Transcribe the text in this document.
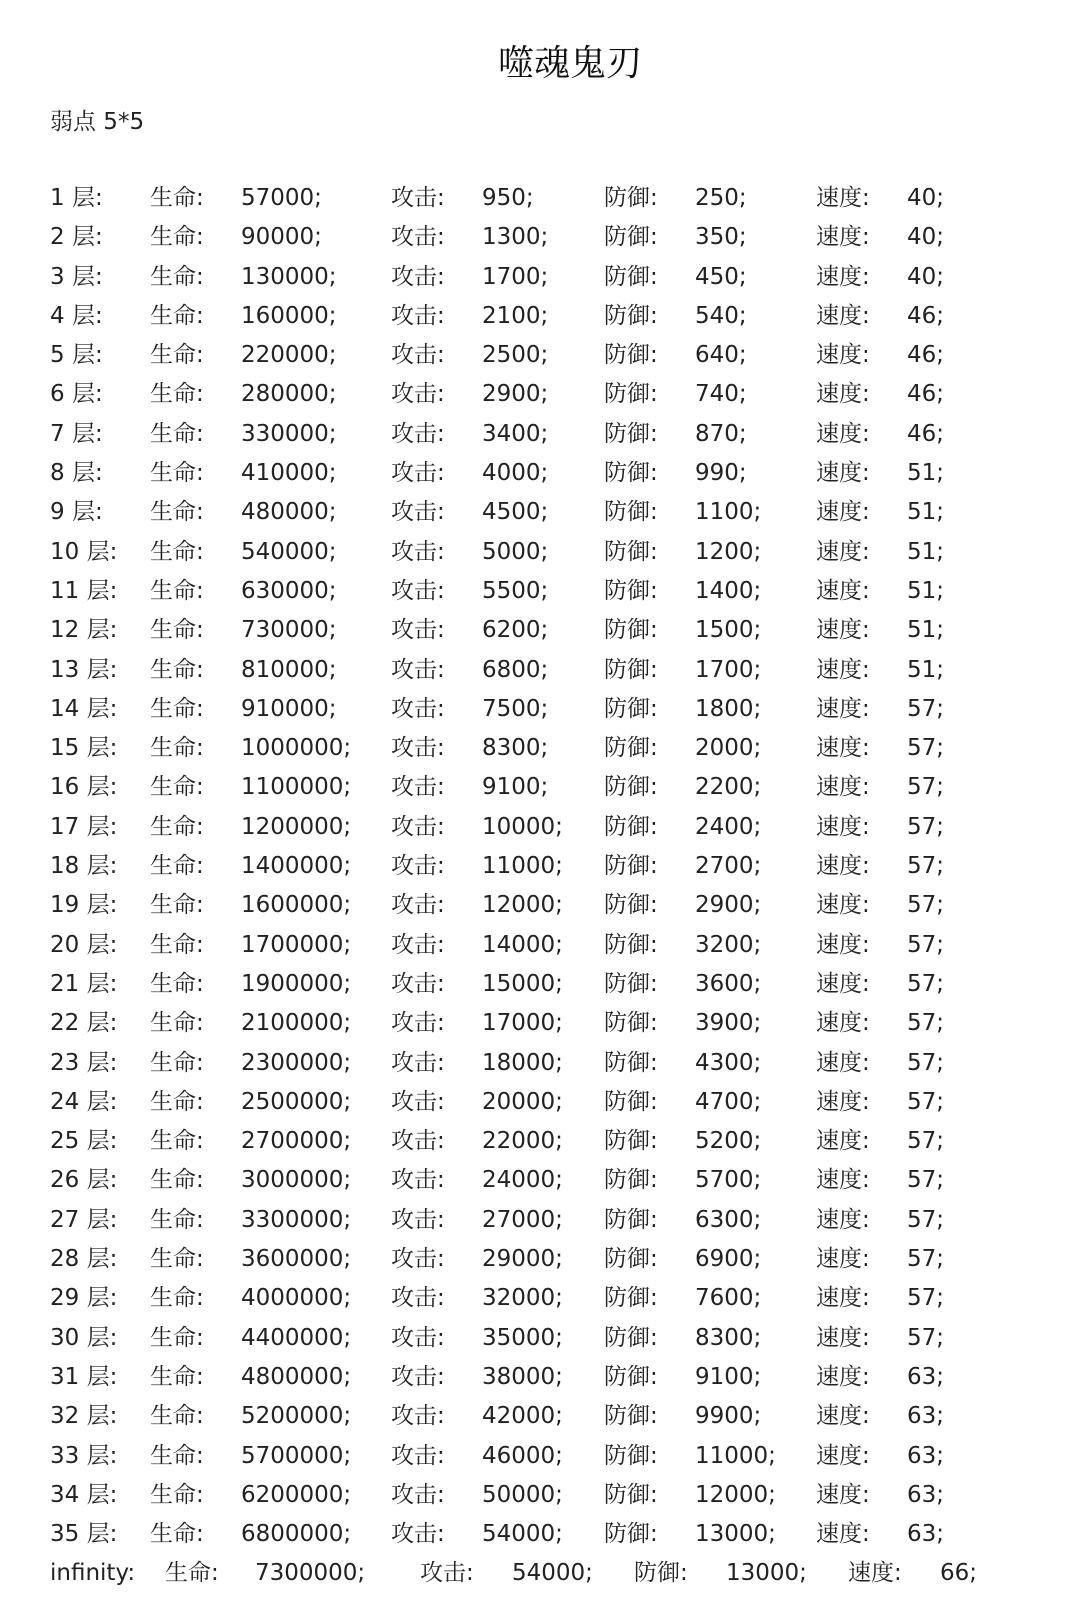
噬魂鬼刃
弱点 5*5
1 层: 生命: 57000;	攻击: 950;	防御: 250;	速度: 40;
2 层: 生命: 90000;	攻击: 1300; 防御: 350;	速度: 40;
3 层: 生命: 130000; 攻击: 1700; 防御: 450;	速度: 40;
4 层: 生命: 160000; 攻击: 2100; 防御: 540;	速度: 46;
5 层: 生命: 220000; 攻击: 2500; 防御: 640;	速度: 46;
6 层: 生命: 280000; 攻击: 2900; 防御: 740;	速度: 46;
7 层: 生命: 330000; 攻击: 3400; 防御: 870;	速度: 46;
8 层: 生命: 410000; 攻击: 4000; 防御: 990;	速度: 51;
9 层: 生命: 480000; 攻击: 4500; 防御: 1100; 速度: 51;
10 层: 生命: 540000; 攻击: 5000; 防御: 1200; 速度: 51;
11 层: 生命: 630000; 攻击: 5500; 防御: 1400; 速度: 51;
12 层: 生命: 730000; 攻击: 6200; 防御: 1500; 速度: 51;
13 层: 生命: 810000; 攻击: 6800; 防御: 1700; 速度: 51;
14 层: 生命: 910000; 攻击: 7500; 防御: 1800; 速度: 57;
15 层: 生命: 1000000; 攻击: 8300; 防御: 2000; 速度: 57;
16 层: 生命: 1100000; 攻击: 9100; 防御: 2200; 速度: 57;
17 层: 生命: 1200000; 攻击: 10000; 防御: 2400; 速度: 57;
18 层: 生命: 1400000; 攻击: 11000; 防御: 2700; 速度: 57;
19 层: 生命: 1600000; 攻击: 12000; 防御: 2900; 速度: 57;
20 层: 生命: 1700000; 攻击: 14000; 防御: 3200; 速度: 57;
21 层: 生命: 1900000; 攻击: 15000; 防御: 3600; 速度: 57;
22 层: 生命: 2100000; 攻击: 17000; 防御: 3900; 速度: 57;
23 层: 生命: 2300000; 攻击: 18000; 防御: 4300; 速度: 57;
24 层: 生命: 2500000; 攻击: 20000; 防御: 4700; 速度: 57;
25 层: 生命: 2700000; 攻击: 22000; 防御: 5200; 速度: 57;
26 层: 生命: 3000000; 攻击: 24000; 防御: 5700; 速度: 57;
27 层: 生命: 3300000; 攻击: 27000; 防御: 6300; 速度: 57;
28 层: 生命: 3600000; 攻击: 29000; 防御: 6900; 速度: 57;
29 层: 生命: 4000000; 攻击: 32000; 防御: 7600; 速度: 57;
30 层: 生命: 4400000; 攻击: 35000; 防御: 8300; 速度: 57;
31 层: 生命: 4800000; 攻击: 38000; 防御: 9100; 速度: 63;
32 层: 生命: 5200000; 攻击: 42000; 防御: 9900; 速度: 63;
33 层: 生命: 5700000; 攻击: 46000; 防御: 11000; 速度: 63;
34 层: 生命: 6200000; 攻击: 50000; 防御: 12000; 速度: 63;
35 层: 生命: 6800000; 攻击: 54000; 防御: 13000; 速度: 63;
infinity: 生命: 7300000; 攻击: 54000; 防御: 13000; 速度: 66;
